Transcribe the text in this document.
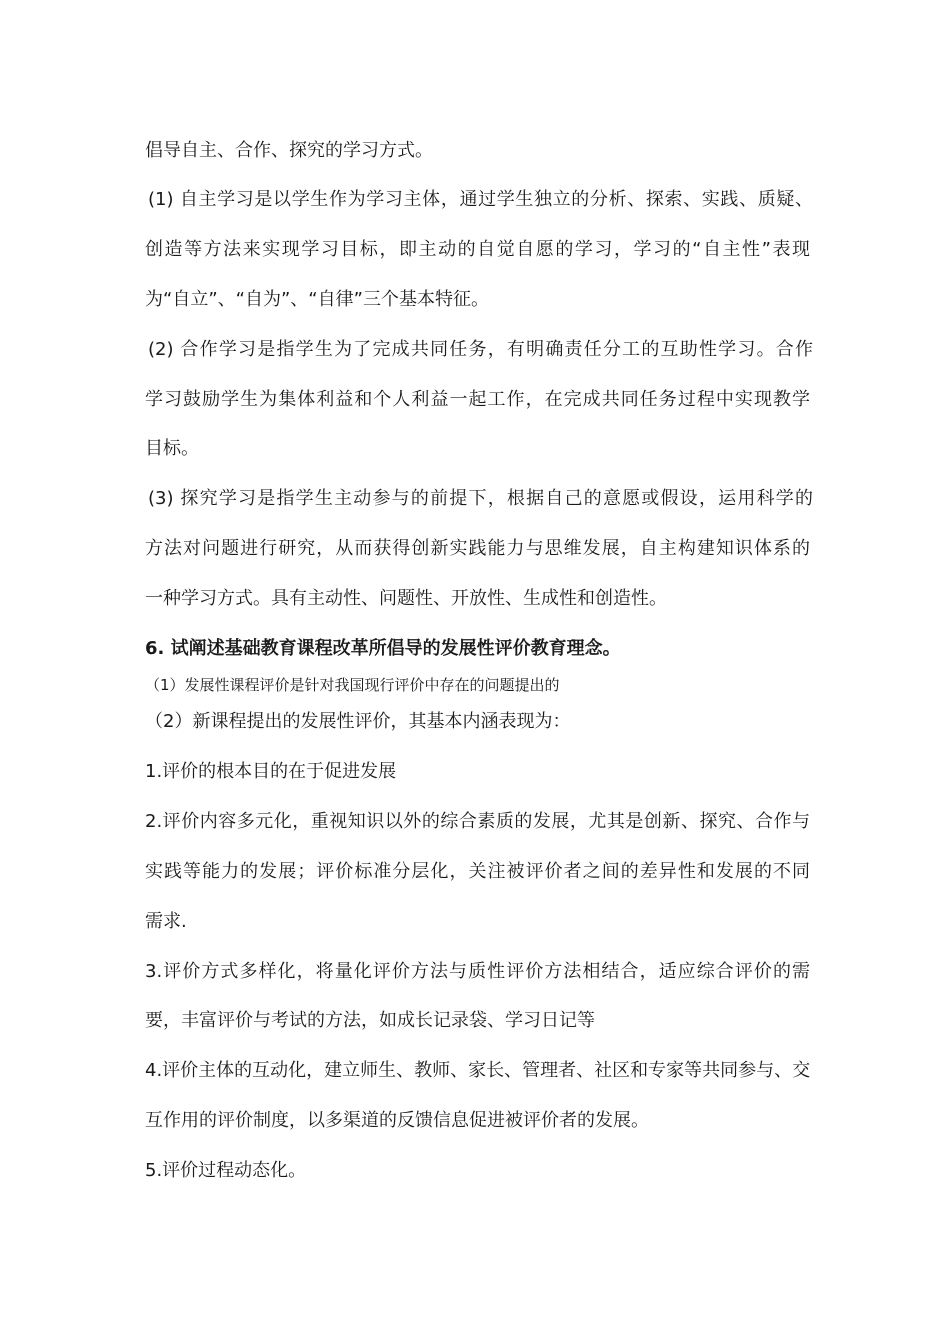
倡导自主、合作、探究的学习方式。
(1) 自主学习是以学生作为学习主体，通过学生独立的分析、探索、实践、质疑、
创造等方法来实现学习目标，即主动的自觉自愿的学习，学习的“自主性”表现
为“自立”、“自为”、“自律”三个基本特征。
(2) 合作学习是指学生为了完成共同任务，有明确责任分工的互助性学习。合作
学习鼓励学生为集体利益和个人利益一起工作，在完成共同任务过程中实现教学
目标。
(3) 探究学习是指学生主动参与的前提下，根据自己的意愿或假设，运用科学的
方法对问题进行研究，从而获得创新实践能力与思维发展，自主构建知识体系的
一种学习方式。具有主动性、问题性、开放性、生成性和创造性。
6. 试阐述基础教育课程改革所倡导的发展性评价教育理念。
（1）发展性课程评价是针对我国现行评价中存在的问题提出的
（2）新课程提出的发展性评价，其基本内涵表现为：
1.评价的根本目的在于促进发展
2.评价内容多元化，重视知识以外的综合素质的发展，尤其是创新、探究、合作与
实践等能力的发展；评价标准分层化，关注被评价者之间的差异性和发展的不同
需求.
3.评价方式多样化，将量化评价方法与质性评价方法相结合，适应综合评价的需
要，丰富评价与考试的方法，如成长记录袋、学习日记等
4.评价主体的互动化，建立师生、教师、家长、管理者、社区和专家等共同参与、交
互作用的评价制度，以多渠道的反馈信息促进被评价者的发展。
5.评价过程动态化。
